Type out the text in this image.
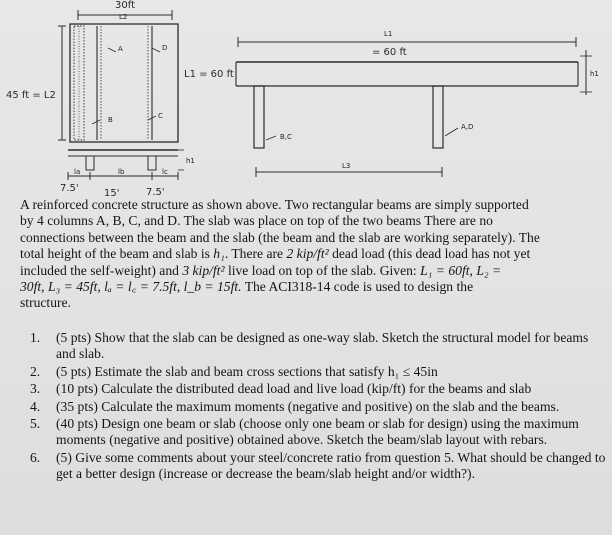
30ft
L2
L1 = 60 ft
45 ft = L2
A	D
B	C
h1
la	lb	lc
7.5'	15'	7.5'
L1
= 60 ft
h1
B,C
A,D
L3

A reinforced concrete structure as shown above. Two rectangular beams are simply supported

by 4 columns A, B, C, and D. The slab was place on top of the two beams There are no

connections between the beam and the slab (the beam and the slab are working separately). The

total height of the beam and slab is h₁. There are 2 kip/ft² dead load (this dead load has not yet

included the self-weight) and 3 kip/ft² live load on top of the slab. Given: L₁ = 60ft, L₂ =

30ft, L₃ = 45ft, lₐ = l꜀ = 7.5ft, l_b = 15ft. The ACI318-14 code is used to design the

structure.

1.	(5 pts) Show that the slab can be designed as one-way slab. Sketch the structural model for beams and slab.
2.	(5 pts) Estimate the slab and beam cross sections that satisfy h₁ ≤ 45in
3.	(10 pts) Calculate the distributed dead load and live load (kip/ft) for the beams and slab
4.	(35 pts) Calculate the maximum moments (negative and positive) on the slab and the beams.
5.	(40 pts) Design one beam or slab (choose only one beam or slab for design) using the maximum moments (negative and positive) obtained above. Sketch the beam/slab layout with rebars.
6.	(5) Give some comments about your steel/concrete ratio from question 5. What should be changed to get a better design (increase or decrease the beam/slab height and/or width?).
